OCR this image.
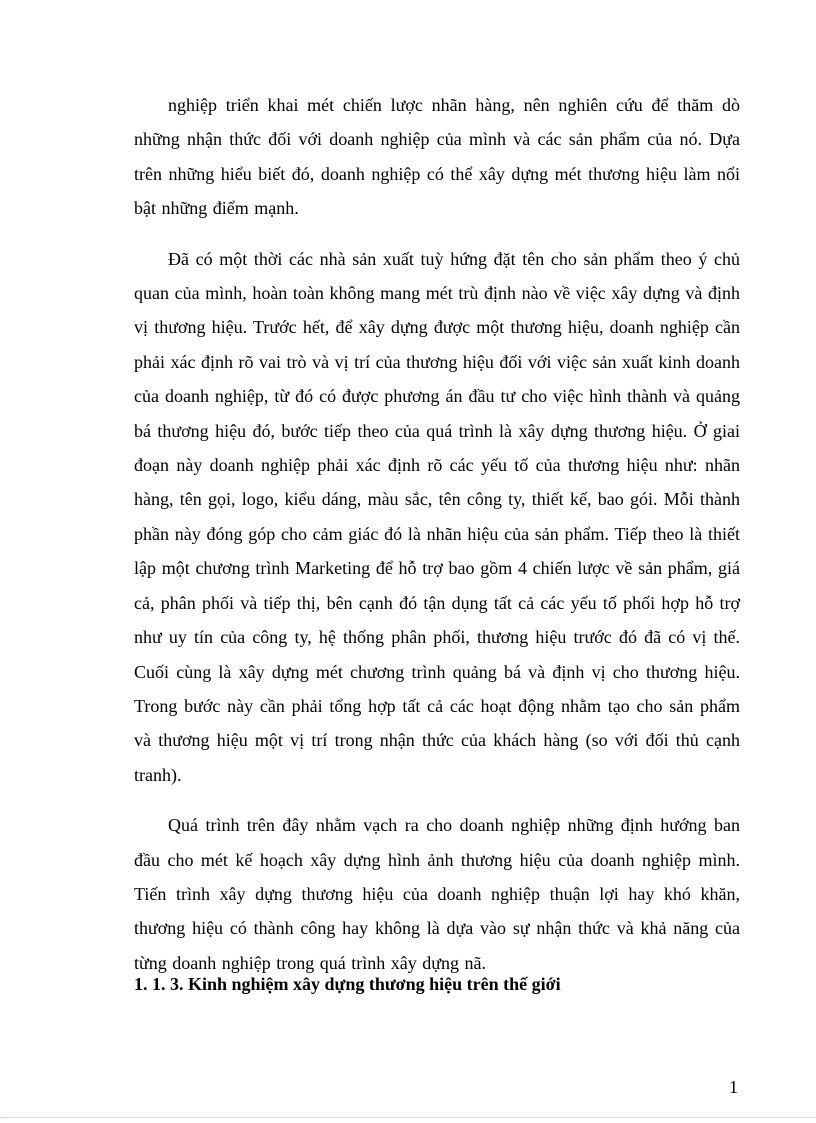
nghiệp triển khai mét chiến lược nhãn hàng, nên nghiên cứu để thăm dò những nhận thức đối với doanh nghiệp của mình và các sản phẩm của nó. Dựa trên những hiểu biết đó, doanh nghiệp có thể xây dựng mét thương hiệu làm nổi bật những điểm mạnh.

Đã có một thời các nhà sản xuất tuỳ hứng đặt tên cho sản phẩm theo ý chủ quan của mình, hoàn toàn không mang mét trù định nào về việc xây dựng và định vị thương hiệu. Trước hết, để xây dựng được một thương hiệu, doanh nghiệp cần phải xác định rõ vai trò và vị trí của thương hiệu đối với việc sản xuất kinh doanh của doanh nghiệp, từ đó có được phương án đầu tư cho việc hình thành và quảng bá thương hiệu đó, bước tiếp theo của quá trình là xây dựng thương hiệu. Ở giai đoạn này doanh nghiệp phải xác định rõ các yếu tố của thương hiệu như: nhãn hàng, tên gọi, logo, kiểu dáng, màu sắc, tên công ty, thiết kế, bao gói. Mỗi thành phần này đóng góp cho cảm giác đó là nhãn hiệu của sản phẩm. Tiếp theo là thiết lập một chương trình Marketing để hỗ trợ bao gồm 4 chiến lược về sản phẩm, giá cả, phân phối và tiếp thị, bên cạnh đó tận dụng tất cả các yếu tố phối hợp hỗ trợ như uy tín của công ty, hệ thống phân phối, thương hiệu trước đó đã có vị thế. Cuối cùng là xây dựng mét chương trình quảng bá và định vị cho thương hiệu. Trong bước này cần phải tổng hợp tất cả các hoạt động nhằm tạo cho sản phẩm và thương hiệu một vị trí trong nhận thức của khách hàng (so với đối thủ cạnh tranh).

Quá trình trên đây nhằm vạch ra cho doanh nghiệp những định hướng ban đầu cho mét kế hoạch xây dựng hình ảnh thương hiệu của doanh nghiệp mình. Tiến trình xây dựng thương hiệu của doanh nghiệp thuận lợi hay khó khăn, thương hiệu có thành công hay không là dựa vào sự nhận thức và khả năng của từng doanh nghiệp trong quá trình xây dựng nã.

1. 1. 3. Kinh nghiệm xây dựng thương hiệu trên thế giới
1
